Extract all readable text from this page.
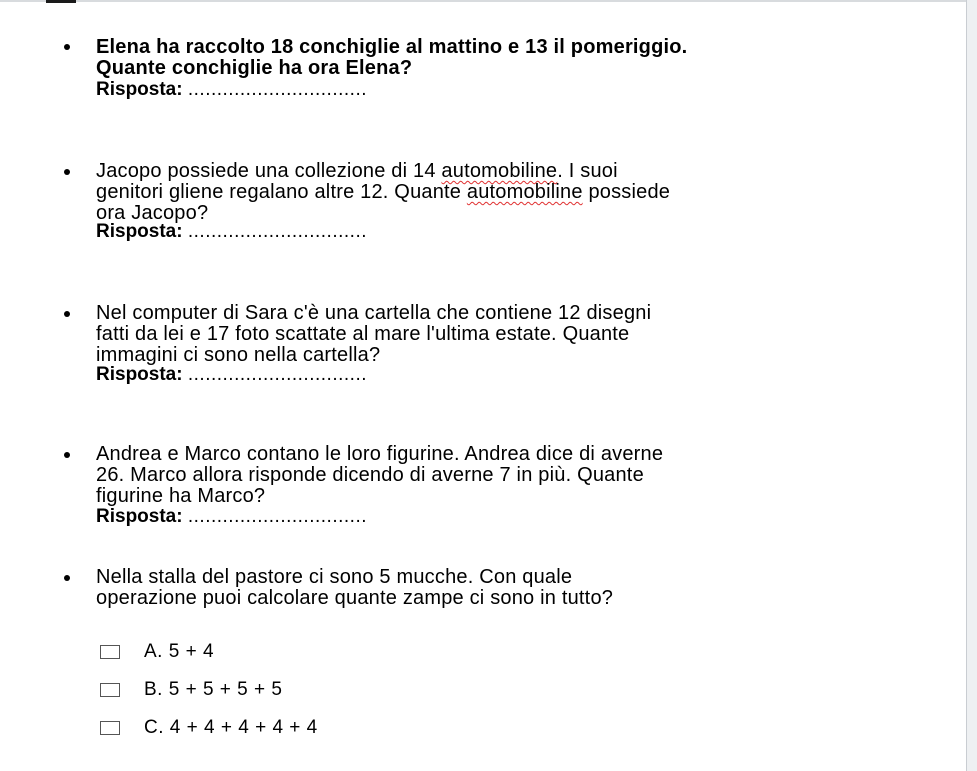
Elena ha raccolto 18 conchiglie al mattino e 13 il pomeriggio.
Quante conchiglie ha ora Elena?
Risposta: ...............................
Jacopo possiede una collezione di 14 automobiline. I suoi
genitori gliene regalano altre 12. Quante automobiline possiede
ora Jacopo?
Risposta: ...............................
Nel computer di Sara c'è una cartella che contiene 12 disegni
fatti da lei e 17 foto scattate al mare l'ultima estate. Quante
immagini ci sono nella cartella?
Risposta: ...............................
Andrea e Marco contano le loro figurine. Andrea dice di averne
26. Marco allora risponde dicendo di averne 7 in più. Quante
figurine ha Marco?
Risposta: ...............................
Nella stalla del pastore ci sono 5 mucche. Con quale
operazione puoi calcolare quante zampe ci sono in tutto?
A. 5 + 4
B. 5 + 5 + 5 + 5
C. 4 + 4 + 4 + 4 + 4
